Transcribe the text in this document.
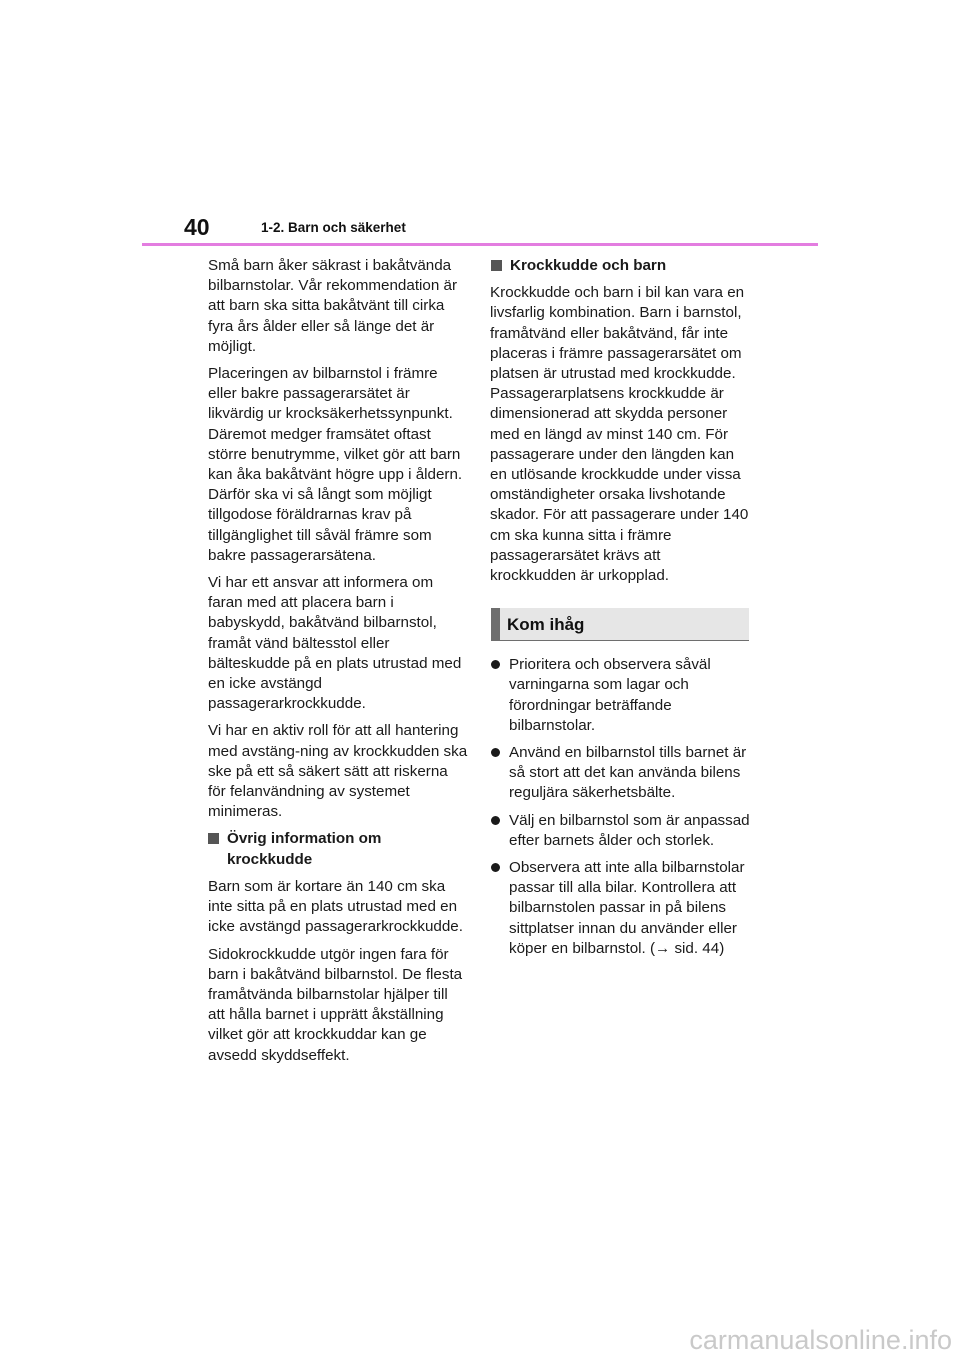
40	1-2. Barn och säkerhet

Små barn åker säkrast i bakåtvända bilbarnstolar. Vår rekommendation är att barn ska sitta bakåtvänt till cirka fyra års ålder eller så länge det är möjligt.

Placeringen av bilbarnstol i främre eller bakre passagerarsätet är likvärdig ur krocksäkerhetssynpunkt. Däremot medger framsätet oftast större benutrymme, vilket gör att barn kan åka bakåtvänt högre upp i åldern. Därför ska vi så långt som möjligt tillgodose föräldrarnas krav på tillgänglighet till såväl främre som bakre passagerarsätena.

Vi har ett ansvar att informera om faran med att placera barn i babyskydd, bakåtvänd bilbarnstol, framåt vänd bältesstol eller bälteskudde på en plats utrustad med en icke avstängd passagerarkrockkudde.

Vi har en aktiv roll för att all hantering med avstäng-ning av krockkudden ska ske på ett så säkert sätt att riskerna för felanvändning av systemet minimeras.

Övrig information om krockkudde

Barn som är kortare än 140 cm ska inte sitta på en plats utrustad med en icke avstängd passagerarkrockkudde.

Sidokrockkudde utgör ingen fara för barn i bakåtvänd bilbarnstol. De flesta framåtvända bilbarnstolar hjälper till att hålla barnet i upprätt åkställning vilket gör att krockkuddar kan ge avsedd skyddseffekt.

Krockkudde och barn

Krockkudde och barn i bil kan vara en livsfarlig kombination. Barn i barnstol, framåtvänd eller bakåtvänd, får inte placeras i främre passagerarsätet om platsen är utrustad med krockkudde. Passagerarplatsens krockkudde är dimensionerad att skydda personer med en längd av minst 140 cm. För passagerare under den längden kan en utlösande krockkudde under vissa omständigheter orsaka livshotande skador. För att passagerare under 140 cm ska kunna sitta i främre passagerarsätet krävs att krockkudden är urkopplad.

Kom ihåg
Prioritera och observera såväl varningarna som lagar och förordningar beträffande bilbarnstolar.
Använd en bilbarnstol tills barnet är så stort att det kan använda bilens reguljära säkerhetsbälte.
Välj en bilbarnstol som är anpassad efter barnets ålder och storlek.
Observera att inte alla bilbarnstolar passar till alla bilar. Kontrollera att bilbarnstolen passar in på bilens sittplatser innan du använder eller köper en bilbarnstol. (→ sid. 44)
carmanualsonline.info
